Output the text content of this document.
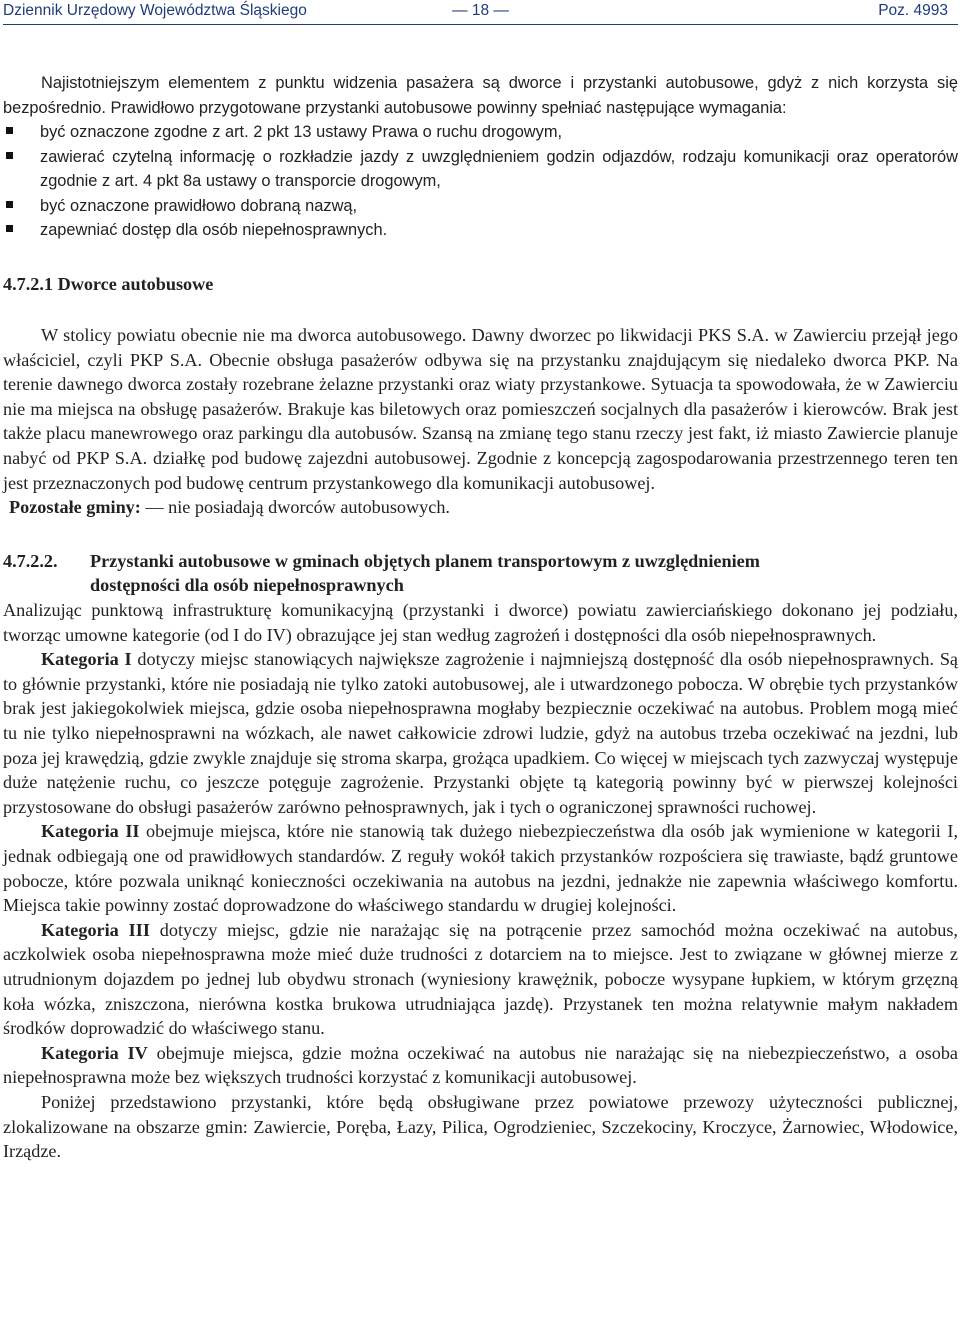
Dziennik Urzędowy Województwa Śląskiego	— 18 —	Poz. 4993

Najistotniejszym elementem z punktu widzenia pasażera są dworce i przystanki autobusowe, gdyż z nich korzysta się bezpośrednio. Prawidłowo przygotowane przystanki autobusowe powinny spełniać następujące wymagania:

być oznaczone zgodne z art. 2 pkt 13 ustawy Prawa o ruchu drogowym,
zawierać czytelną informację o rozkładzie jazdy z uwzględnieniem godzin odjazdów, rodzaju komunikacji oraz operatorów zgodnie z art. 4 pkt 8a ustawy o transporcie drogowym,
być oznaczone prawidłowo dobraną nazwą,
zapewniać dostęp dla osób niepełnosprawnych.

4.7.2.1 Dworce autobusowe

W stolicy powiatu obecnie nie ma dworca autobusowego. Dawny dworzec po likwidacji PKS S.A. w Zawierciu przejął jego właściciel, czyli PKP S.A. Obecnie obsługa pasażerów odbywa się na przystanku znajdującym się niedaleko dworca PKP. Na terenie dawnego dworca zostały rozebrane żelazne przystanki oraz wiaty przystankowe. Sytuacja ta spowodowała, że w Zawierciu nie ma miejsca na obsługę pasażerów. Brakuje kas biletowych oraz pomieszczeń socjalnych dla pasażerów i kierowców. Brak jest także placu manewrowego oraz parkingu dla autobusów. Szansą na zmianę tego stanu rzeczy jest fakt, iż miasto Zawiercie planuje nabyć od PKP S.A. działkę pod budowę zajezdni autobusowej. Zgodnie z koncepcją zagospodarowania przestrzennego teren ten jest przeznaczonych pod budowę centrum przystankowego dla komunikacji autobusowej.

Pozostałe gminy: — nie posiadają dworców autobusowych.

4.7.2.2. Przystanki autobusowe w gminach objętych planem transportowym z uwzględnieniem
dostępności dla osób niepełnosprawnych

Analizując punktową infrastrukturę komunikacyjną (przystanki i dworce) powiatu zawierciańskiego dokonano jej podziału, tworząc umowne kategorie (od I do IV) obrazujące jej stan według zagrożeń i dostępności dla osób niepełnosprawnych.

Kategoria I dotyczy miejsc stanowiących największe zagrożenie i najmniejszą dostępność dla osób niepełnosprawnych. Są to głównie przystanki, które nie posiadają nie tylko zatoki autobusowej, ale i utwardzonego pobocza. W obrębie tych przystanków brak jest jakiegokolwiek miejsca, gdzie osoba niepełnosprawna mogłaby bezpiecznie oczekiwać na autobus. Problem mogą mieć tu nie tylko niepełnosprawni na wózkach, ale nawet całkowicie zdrowi ludzie, gdyż na autobus trzeba oczekiwać na jezdni, lub poza jej krawędzią, gdzie zwykle znajduje się stroma skarpa, grożąca upadkiem. Co więcej w miejscach tych zazwyczaj występuje duże natężenie ruchu, co jeszcze potęguje zagrożenie. Przystanki objęte tą kategorią powinny być w pierwszej kolejności przystosowane do obsługi pasażerów zarówno pełnosprawnych, jak i tych o ograniczonej sprawności ruchowej.

Kategoria II obejmuje miejsca, które nie stanowią tak dużego niebezpieczeństwa dla osób jak wymienione w kategorii I, jednak odbiegają one od prawidłowych standardów. Z reguły wokół takich przystanków rozpościera się trawiaste, bądź gruntowe pobocze, które pozwala uniknąć konieczności oczekiwania na autobus na jezdni, jednakże nie zapewnia właściwego komfortu. Miejsca takie powinny zostać doprowadzone do właściwego standardu w drugiej kolejności.

Kategoria III dotyczy miejsc, gdzie nie narażając się na potrącenie przez samochód można oczekiwać na autobus, aczkolwiek osoba niepełnosprawna może mieć duże trudności z dotarciem na to miejsce. Jest to związane w głównej mierze z utrudnionym dojazdem po jednej lub obydwu stronach (wyniesiony krawężnik, pobocze wysypane łupkiem, w którym grzęzną koła wózka, zniszczona, nierówna kostka brukowa utrudniająca jazdę). Przystanek ten można relatywnie małym nakładem środków doprowadzić do właściwego stanu.

Kategoria IV obejmuje miejsca, gdzie można oczekiwać na autobus nie narażając się na niebezpieczeństwo, a osoba niepełnosprawna może bez większych trudności korzystać z komunikacji autobusowej.

Poniżej przedstawiono przystanki, które będą obsługiwane przez powiatowe przewozy użyteczności publicznej, zlokalizowane na obszarze gmin: Zawiercie, Poręba, Łazy, Pilica, Ogrodzieniec, Szczekociny, Kroczyce, Żarnowiec, Włodowice, Irządze.
